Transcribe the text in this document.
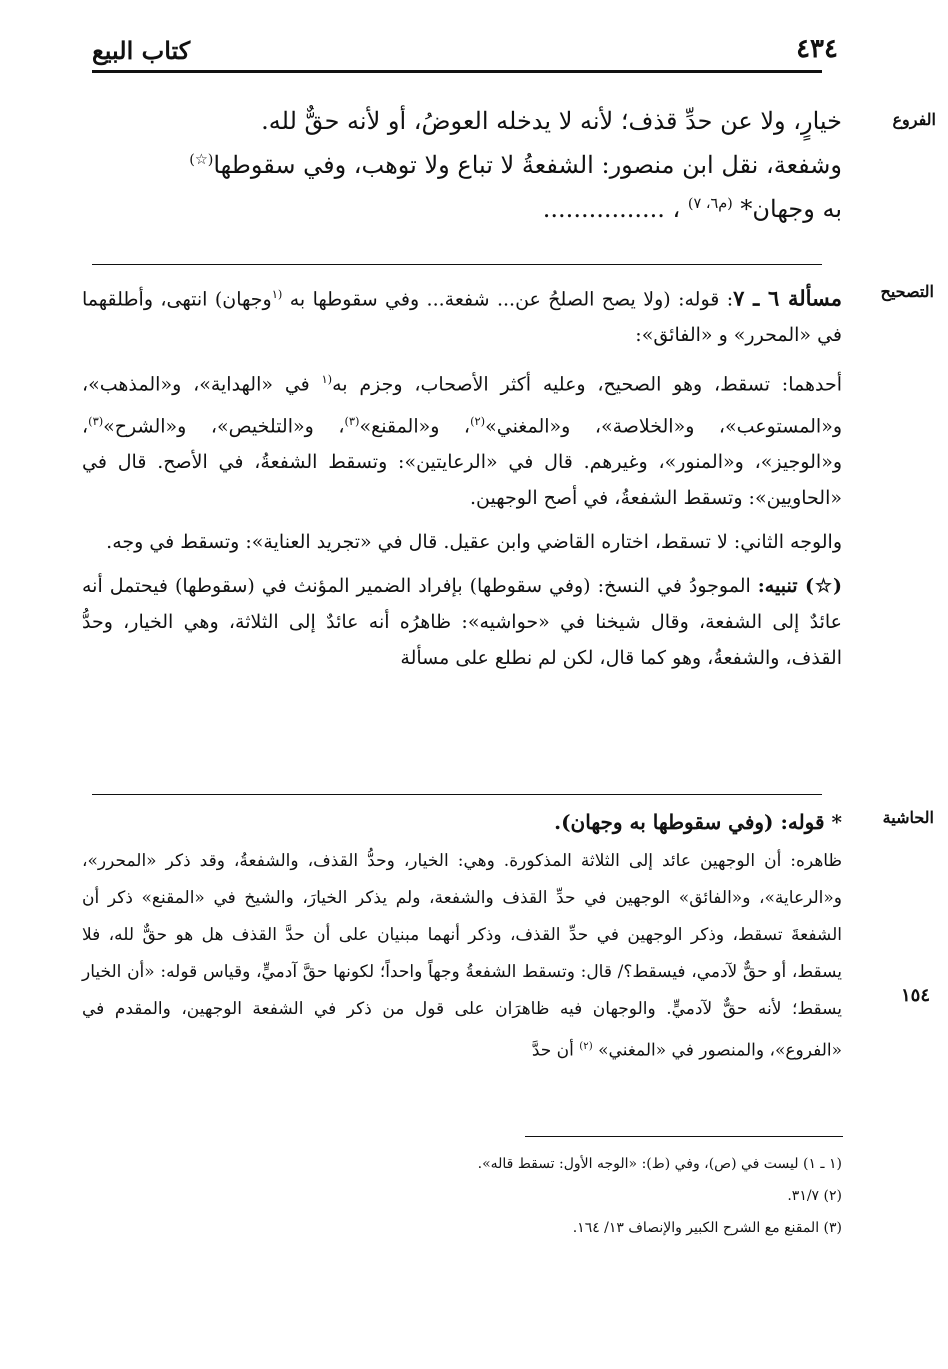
٤٣٤
كتاب البيع
الفروع

خيارٍ، ولا عن حدِّ قذف؛ لأنه لا يدخله العوضُ، أو لأنه حقٌّ لله.

وشفعة، نقل ابن منصور: الشفعةُ لا تباع ولا توهب، وفي سقوطها(☆)

به وجهان* $^{(م٦، ٧)}$ ، ................

التصحيح

مسألة ٦ ـ ٧: قوله: (ولا يصح الصلحُ عن... شفعة... وفي سقوطها به $^{(١}$وجهان) انتهى، وأطلقهما في «المحرر» و «الفائق»:

أحدهما: تسقط، وهو الصحيح، وعليه أكثر الأصحاب، وجزم به$^{(١}$ في «الهداية»، و«المذهب»، و«المستوعب»، و«الخلاصة»، و«المغني»$^{(٢)}$، و«المقنع»$^{(٣)}$، و«التلخيص»، و«الشرح»$^{(٣)}$، و«الوجيز»، و«المنور»، وغيرهم. قال في «الرعايتين»: وتسقط الشفعةُ، في الأصح. قال في «الحاويين»: وتسقط الشفعةُ، في أصح الوجهين.

والوجه الثاني: لا تسقط، اختاره القاضي وابن عقيل. قال في «تجريد العناية»: وتسقط في وجه.

(☆) تنبيه: الموجودُ في النسخ: (وفي سقوطها) بإفراد الضمير المؤنث في (سقوطها) فيحتمل أنه عائدٌ إلى الشفعة، وقال شيخنا في «حواشيه»: ظاهرُه أنه عائدٌ إلى الثلاثة، وهي الخيار، وحدُّ القذف، والشفعةُ، وهو كما قال، لكن لم نطلع على مسألة

الحاشية
١٥٤

* قوله: (وفي سقوطها به وجهان).

ظاهره: أن الوجهين عائد إلى الثلاثة المذكورة. وهي: الخيار، وحدُّ القذف، والشفعةُ، وقد ذكر «المحرر»، و«الرعاية»، و«الفائق» الوجهين في حدِّ القذف والشفعة، ولم يذكر الخيارَ، والشيخ في «المقنع» ذكر أن الشفعةَ تسقط، وذكر الوجهين في حدِّ القذف، وذكر أنهما مبنيان على أن حدَّ القذف هل هو حقٌّ لله، فلا يسقط، أو حقٌّ لآدمي، فيسقط؟/ قال: وتسقط الشفعةُ وجهاً واحداً؛ لكونها حقَّ آدميٍّ، وقياس قوله: «أن الخيار يسقط؛ لأنه حقٌّ لآدميٍّ. والوجهان فيه ظاهرَان على قول من ذكر في الشفعة الوجهين، والمقدم في «الفروع»، والمنصور في «المغني» $^{(٢)}$ أن حدَّ

(١ ـ ١) ليست في (ص)، وفي (ط): «الوجه الأول: تسقط قاله».

(٢) ٣١/٧.

(٣) المقنع مع الشرح الكبير والإنصاف ١٣/ ١٦٤.
